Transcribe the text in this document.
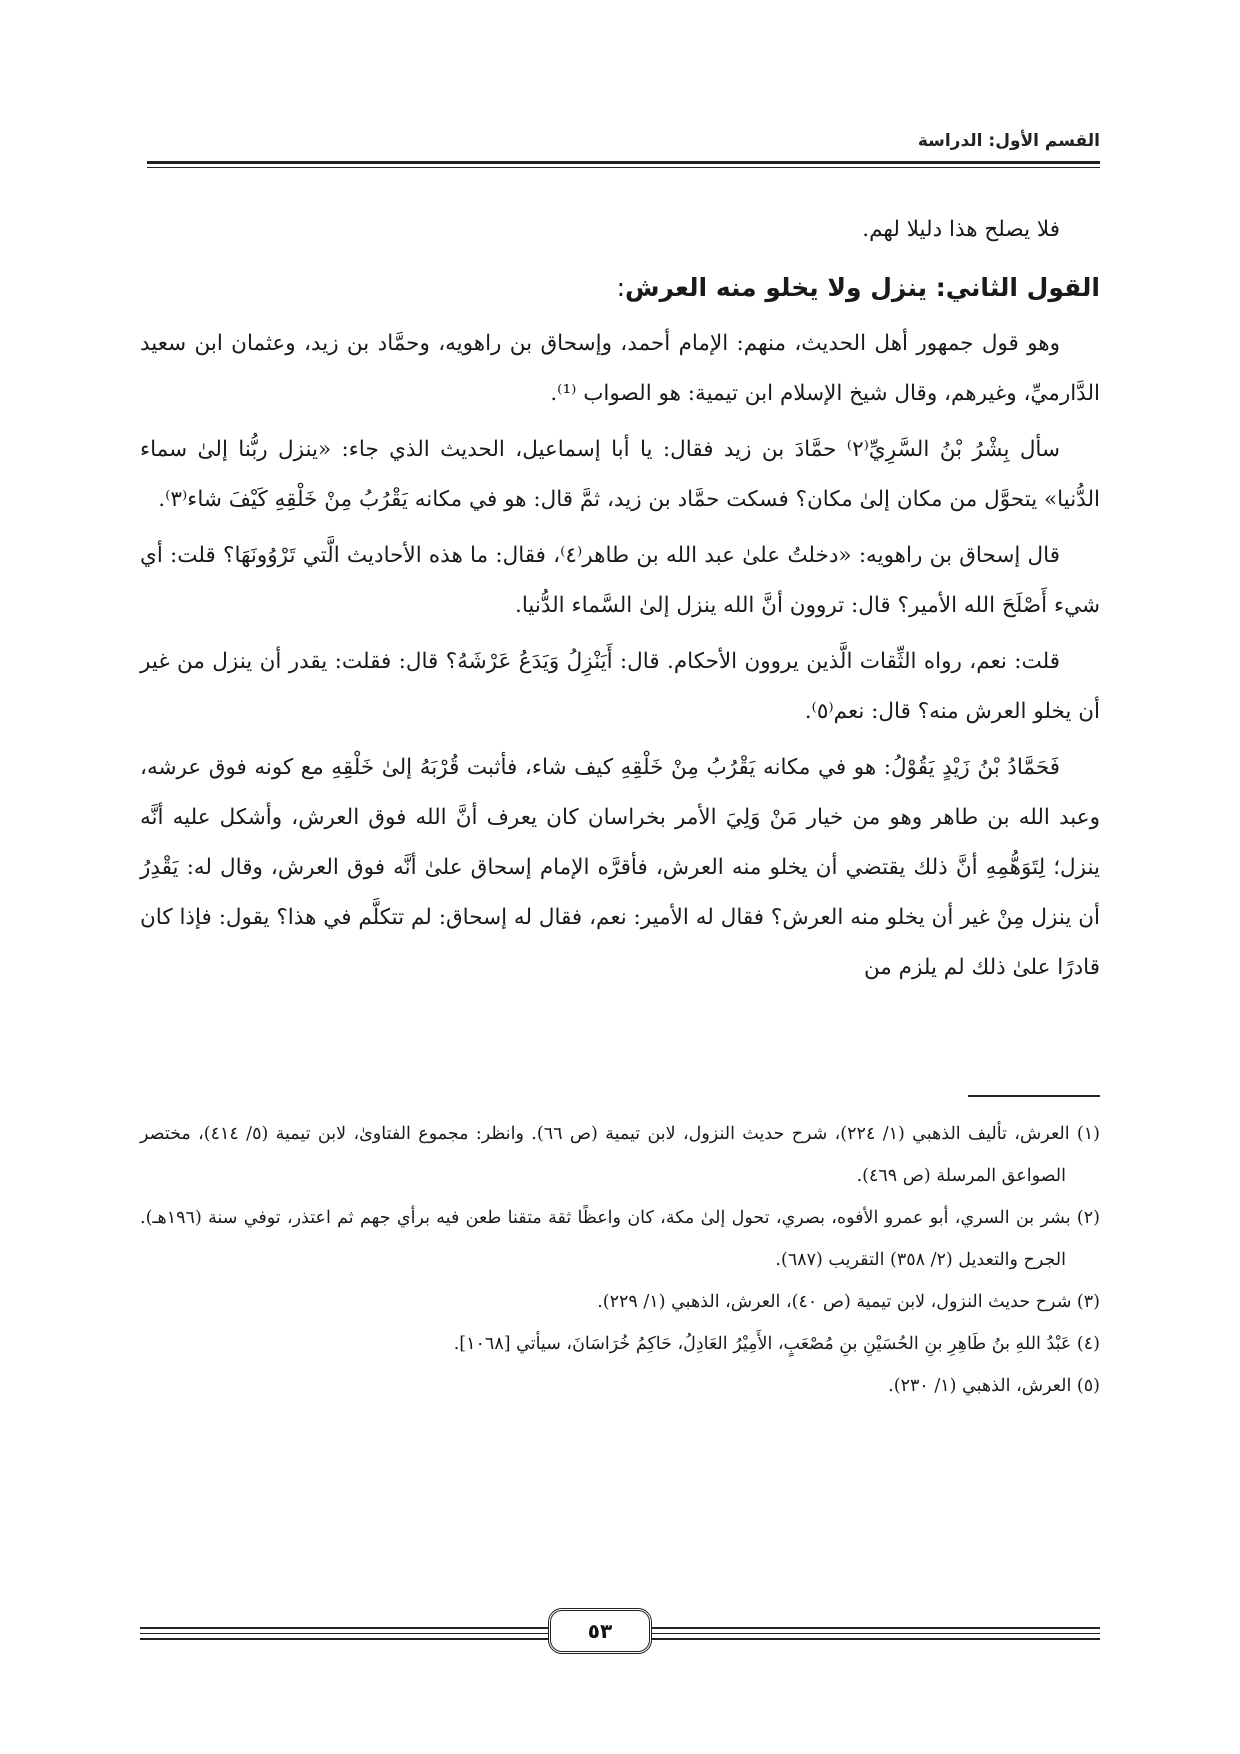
القسم الأول: الدراسة

فلا يصلح هذا دليلا لهم.

القول الثاني: ينزل ولا يخلو منه العرش:

وهو قول جمهور أهل الحديث، منهم: الإمام أحمد، وإسحاق بن راهويه، وحمَّاد بن زيد، وعثمان ابن سعيد الدَّارميِّ، وغيرهم، وقال شيخ الإسلام ابن تيمية: هو الصواب ⁽¹⁾.

سأل بِشْرُ بْنُ السَّرِيِّ⁽٢⁾ حمَّادَ بن زيد فقال: يا أبا إسماعيل، الحديث الذي جاء: «ينزل ربُّنا إلىٰ سماء الدُّنيا» يتحوَّل من مكان إلىٰ مكان؟ فسكت حمَّاد بن زيد، ثمَّ قال: هو في مكانه يَقْرُبُ مِنْ خَلْقِهِ كَيْفَ شاء⁽٣⁾.

قال إسحاق بن راهويه: «دخلتُ علىٰ عبد الله بن طاهر⁽٤⁾، فقال: ما هذه الأحاديث الَّتي تَرْوُونَهَا؟ قلت: أي شيء أَصْلَحَ الله الأمير؟ قال: تروون أنَّ الله ينزل إلىٰ السَّماء الدُّنيا.

قلت: نعم، رواه الثِّقات الَّذين يروون الأحكام. قال: أَيَنْزِلُ وَيَدَعُ عَرْشَهُ؟ قال: فقلت: يقدر أن ينزل من غير أن يخلو العرش منه؟ قال: نعم⁽٥⁾.

فَحَمَّادُ بْنُ زَيْدٍ يَقُوْلُ: هو في مكانه يَقْرُبُ مِنْ خَلْقِهِ كيف شاء، فأثبت قُرْبَهُ إلىٰ خَلْقِهِ مع كونه فوق عرشه، وعبد الله بن طاهر وهو من خيار مَنْ وَلِيَ الأمر بخراسان كان يعرف أنَّ الله فوق العرش، وأشكل عليه أنَّه ينزل؛ لِتَوَهُّمِهِ أنَّ ذلك يقتضي أن يخلو منه العرش، فأقرَّه الإمام إسحاق علىٰ أنَّه فوق العرش، وقال له: يَقْدِرُ أن ينزل مِنْ غير أن يخلو منه العرش؟ فقال له الأمير: نعم، فقال له إسحاق: لم تتكلَّم في هذا؟ يقول: فإذا كان قادرًا علىٰ ذلك لم يلزم من

(١) العرش، تأليف الذهبي (١/ ٢٢٤)، شرح حديث النزول، لابن تيمية (ص ٦٦). وانظر: مجموع الفتاوىٰ، لابن تيمية (٥/ ٤١٤)، مختصر الصواعق المرسلة (ص ٤٦٩).

(٢) بشر بن السري، أبو عمرو الأفوه، بصري، تحول إلىٰ مكة، كان واعظًا ثقة متقنا طعن فيه برأي جهم ثم اعتذر، توفي سنة (١٩٦هـ). الجرح والتعديل (٢/ ٣٥٨) التقريب (٦٨٧).

(٣) شرح حديث النزول، لابن تيمية (ص ٤٠)، العرش، الذهبي (١/ ٢٢٩).

(٤) عَبْدُ اللهِ بنُ طَاهِرِ بنِ الحُسَيْنِ بنِ مُصْعَبٍ، الأَمِيْرُ العَادِلُ، حَاكِمُ خُرَاسَانَ، سيأتي [١٠٦٨].

(٥) العرش، الذهبي (١/ ٢٣٠).

٥٣
